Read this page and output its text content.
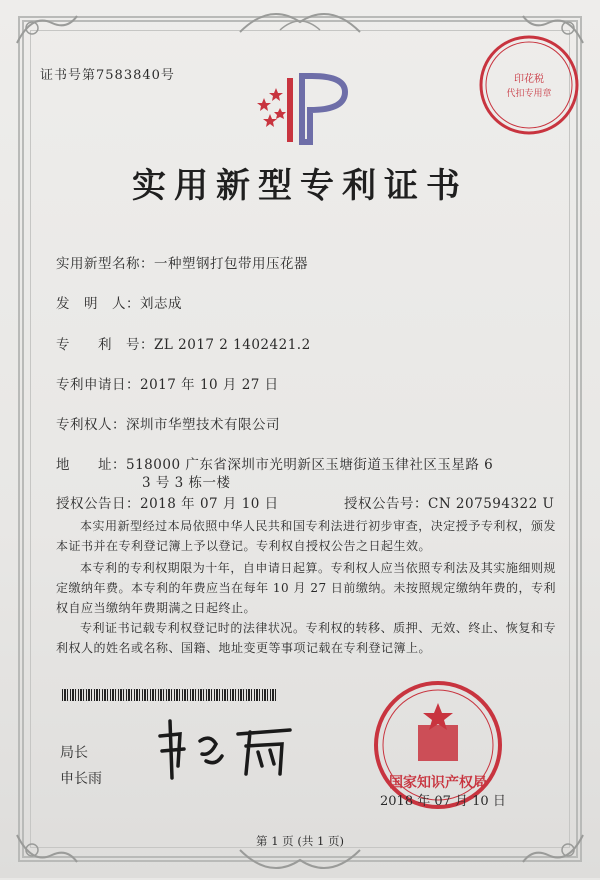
印花税
代扣专用章
证书号第7583840号
实用新型专利证书
实用新型名称：一种塑钢打包带用压花器
发　明　人：刘志成
专　　利　号：ZL 2017 2 1402421.2
专利申请日：2017 年 10 月 27 日
专利权人：深圳市华塑技术有限公司
地　　址：518000 广东省深圳市光明新区玉塘街道玉律社区玉星路 6
3 号 3 栋一楼
授权公告日：2018 年 07 月 10 日	授权公告号：CN 207594322 U
本实用新型经过本局依照中华人民共和国专利法进行初步审查，决定授予专利权，颁发本证书并在专利登记簿上予以登记。专利权自授权公告之日起生效。
本专利的专利权期限为十年，自申请日起算。专利权人应当依照专利法及其实施细则规定缴纳年费。本专利的年费应当在每年 10 月 27 日前缴纳。未按照规定缴纳年费的，专利权自应当缴纳年费期满之日起终止。
专利证书记载专利权登记时的法律状况。专利权的转移、质押、无效、终止、恢复和专利权人的姓名或名称、国籍、地址变更等事项记载在专利登记簿上。
局长
申长雨	国家知识产权局
2018 年 07 月 10 日
第 1 页 (共 1 页)
